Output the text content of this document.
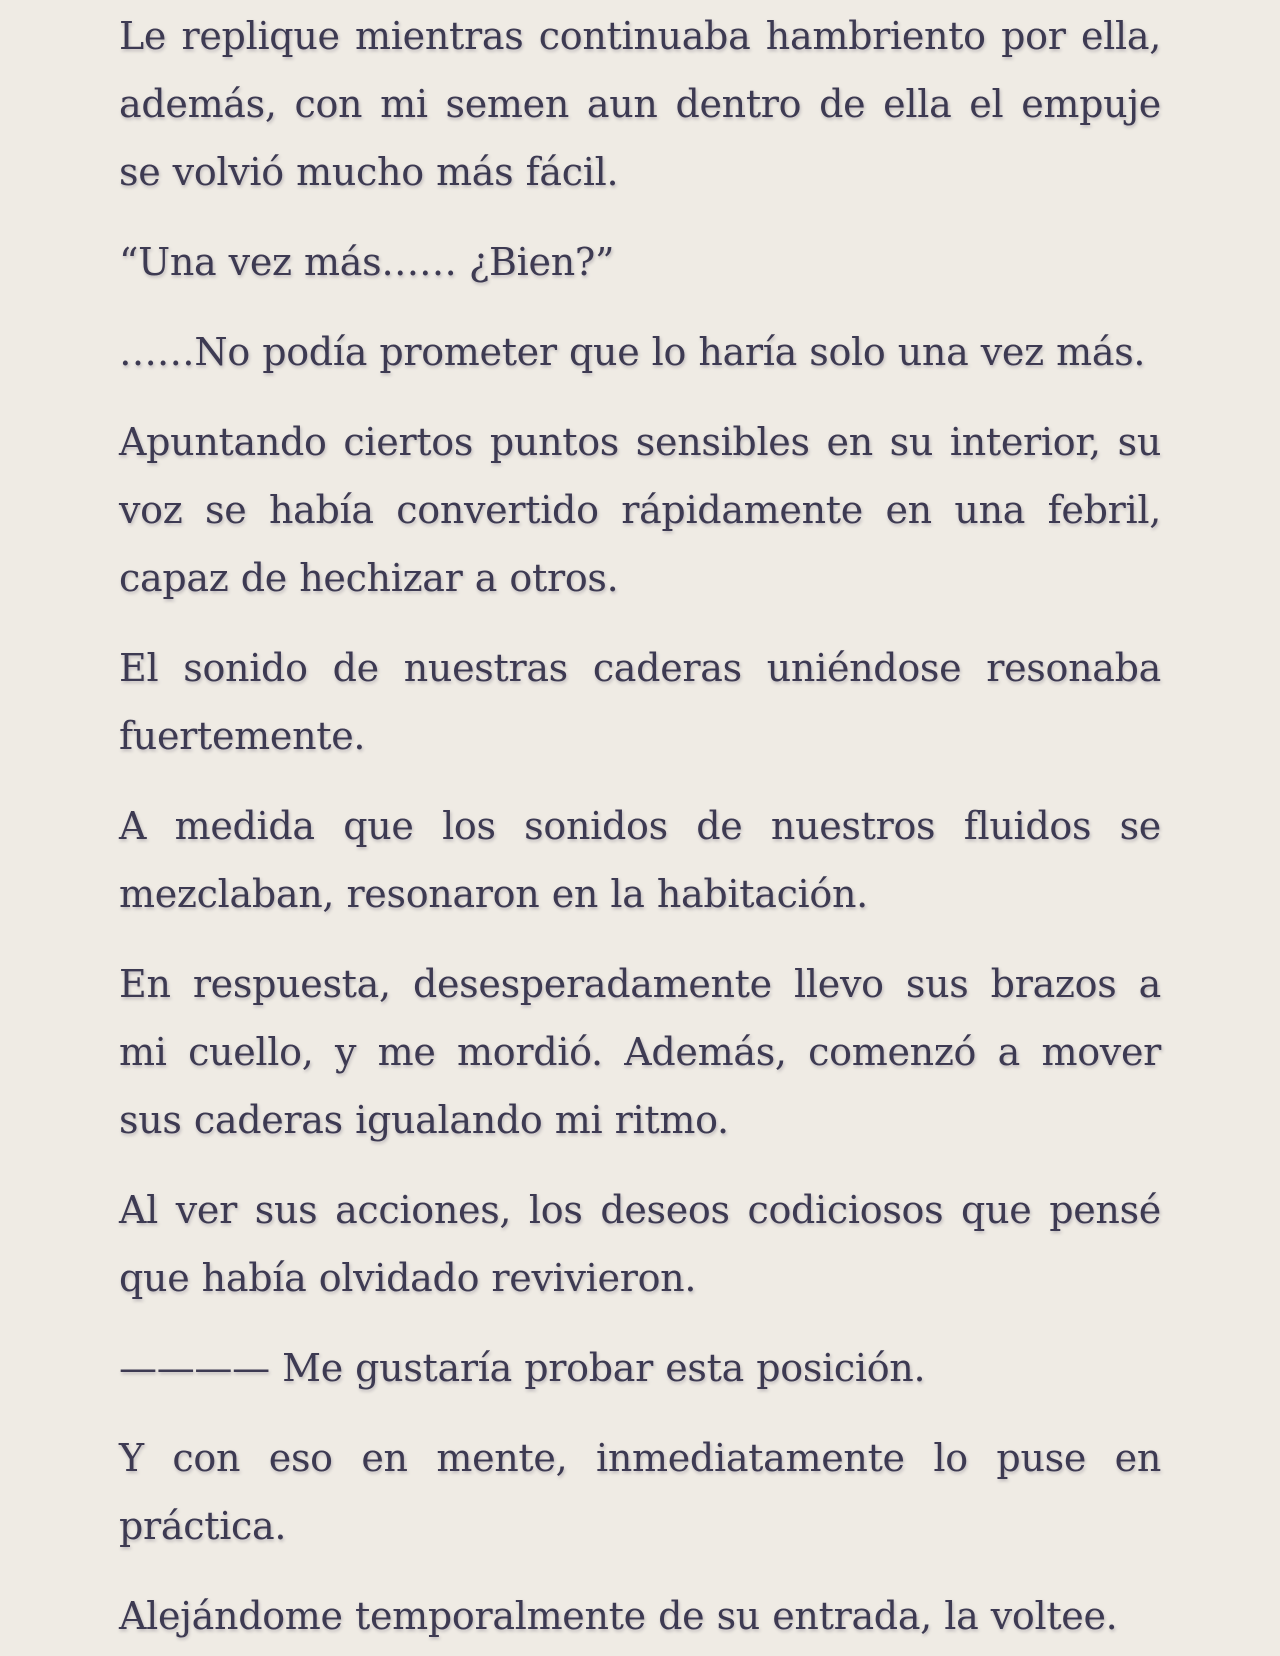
Le replique mientras continuaba hambriento por ella, además, con mi semen aun dentro de ella el empuje se volvió mucho más fácil.

“Una vez más…… ¿Bien?”

……No podía prometer que lo haría solo una vez más.

Apuntando ciertos puntos sensibles en su interior, su voz se había convertido rápidamente en una febril, capaz de hechizar a otros.

El sonido de nuestras caderas uniéndose resonaba fuertemente.

A medida que los sonidos de nuestros fluidos se mezclaban, resonaron en la habitación.

En respuesta, desesperadamente llevo sus brazos a mi cuello, y me mordió. Además, comenzó a mover sus caderas igualando mi ritmo.

Al ver sus acciones, los deseos codiciosos que pensé que había olvidado revivieron.

———— Me gustaría probar esta posición.

Y con eso en mente, inmediatamente lo puse en práctica.

Alejándome temporalmente de su entrada, la voltee.
